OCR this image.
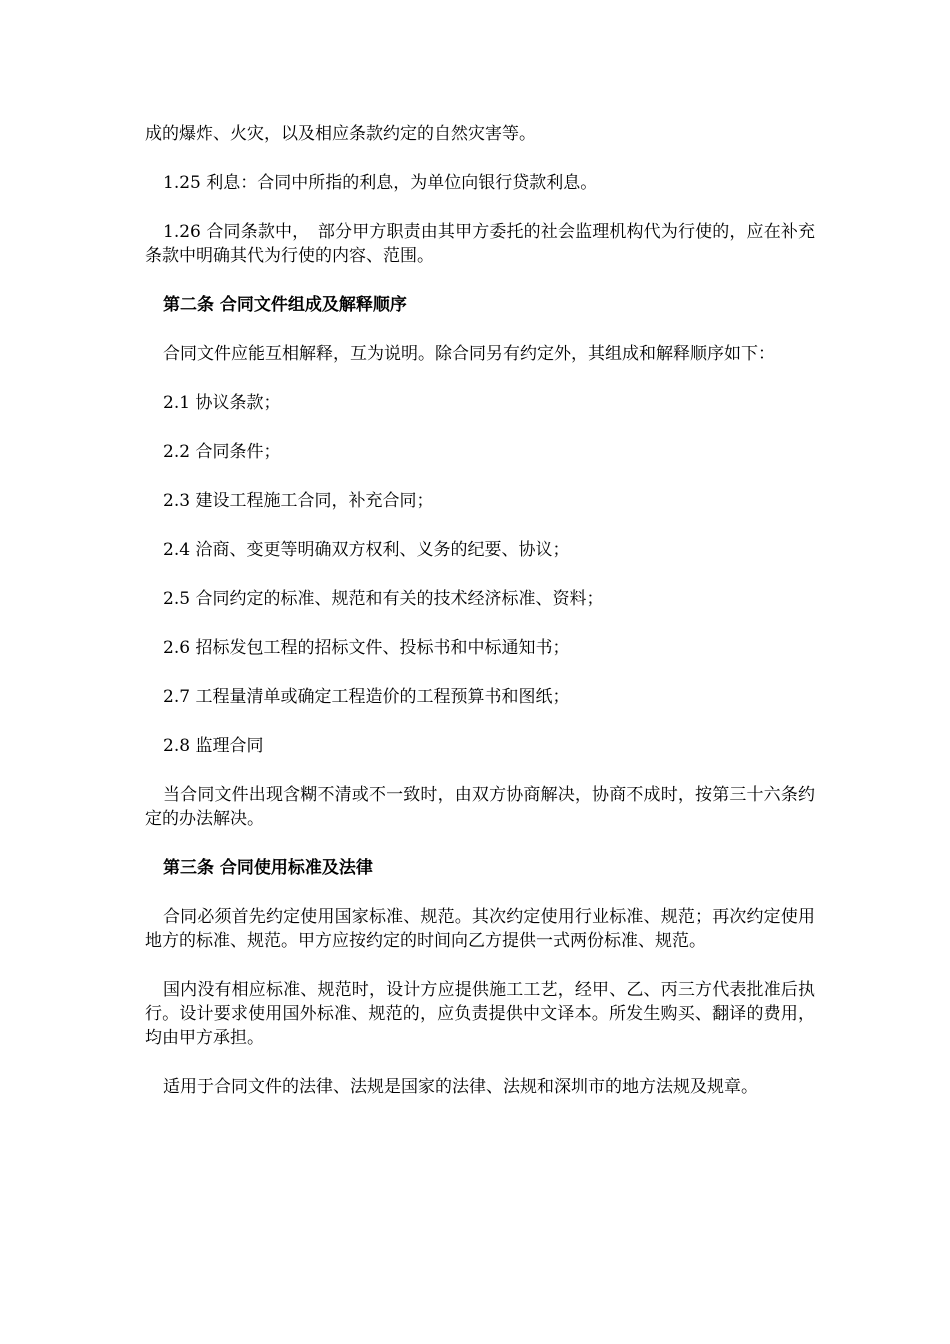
成的爆炸、火灾，以及相应条款约定的自然灾害等。

1.25 利息：合同中所指的利息，为单位向银行贷款利息。

1.26 合同条款中，　部分甲方职责由其甲方委托的社会监理机构代为行使的，应在补充条款中明确其代为行使的内容、范围。

第二条 合同文件组成及解释顺序

合同文件应能互相解释，互为说明。除合同另有约定外，其组成和解释顺序如下：

2.1 协议条款；

2.2 合同条件；

2.3 建设工程施工合同，补充合同；

2.4 洽商、变更等明确双方权利、义务的纪要、协议；

2.5 合同约定的标准、规范和有关的技术经济标准、资料；

2.6 招标发包工程的招标文件、投标书和中标通知书；

2.7 工程量清单或确定工程造价的工程预算书和图纸；

2.8 监理合同

当合同文件出现含糊不清或不一致时，由双方协商解决，协商不成时，按第三十六条约定的办法解决。

第三条 合同使用标准及法律

合同必须首先约定使用国家标准、规范。其次约定使用行业标准、规范；再次约定使用地方的标准、规范。甲方应按约定的时间向乙方提供一式两份标准、规范。

国内没有相应标准、规范时，设计方应提供施工工艺，经甲、乙、丙三方代表批准后执行。设计要求使用国外标准、规范的，应负责提供中文译本。所发生购买、翻译的费用，均由甲方承担。

适用于合同文件的法律、法规是国家的法律、法规和深圳市的地方法规及规章。
